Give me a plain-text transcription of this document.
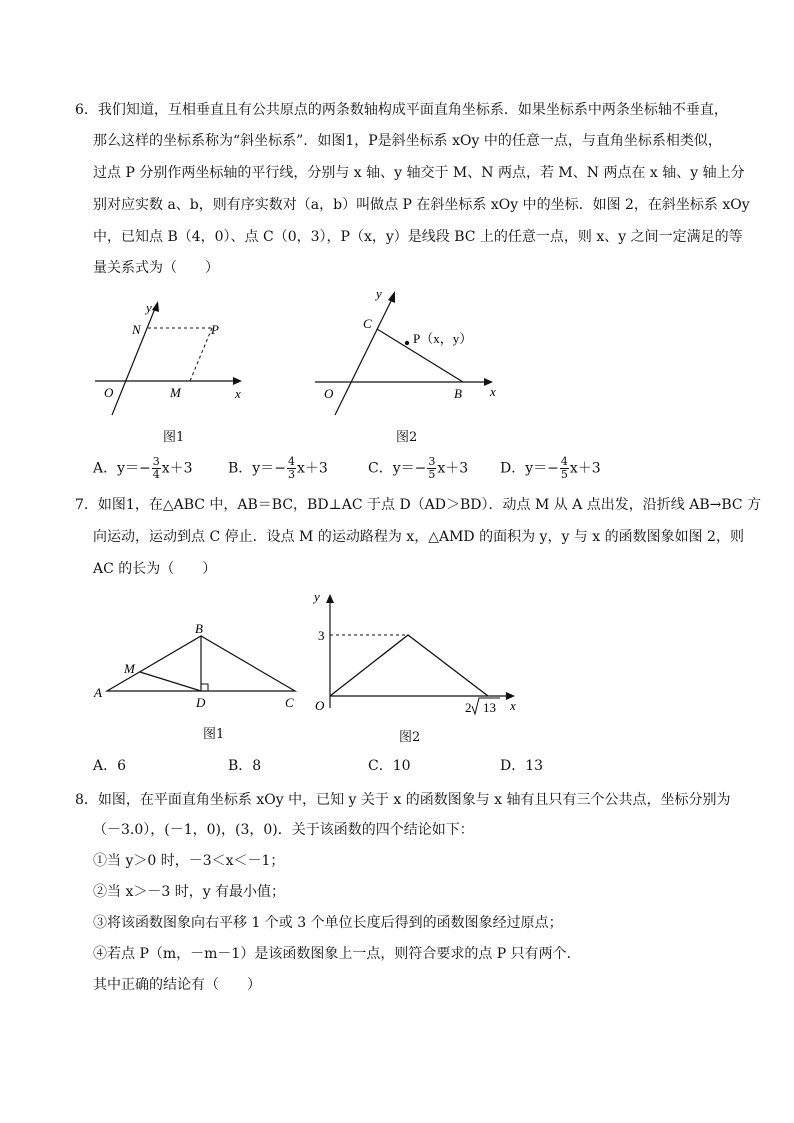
6．我们知道，互相垂直且有公共原点的两条数轴构成平面直角坐标系．如果坐标系中两条坐标轴不垂直，
那么这样的坐标系称为“斜坐标系”．如图1，P是斜坐标系 xOy 中的任意一点，与直角坐标系相类似，
过点 P 分别作两坐标轴的平行线，分别与 x 轴、y 轴交于 M、N 两点，若 M、N 两点在 x 轴、y 轴上分
别对应实数 a、b，则有序实数对（a，b）叫做点 P 在斜坐标系 xOy 中的坐标．如图 2，在斜坐标系 xOy
中，已知点 B（4，0）、点 C（0，3），P（x，y）是线段 BC 上的任意一点，则 x、y 之间一定满足的等
量关系式为（　　）
y
x
O
N	P
M
图1
y
x
O
C
B
P（x，y）
图2
A．$y=- \frac{3}{4} x+3$	B．$y=- \frac{4}{3} x+3$	C．$y=- \frac{3}{5} x+3$ D．$y=- \frac{4}{5} x+3$
7．如图1，在△ABC 中，AB＝BC，BD⊥AC 于点 D（AD＞BD）．动点 M 从 A 点出发，沿折线 AB→BC 方
向运动，运动到点 C 停止．设点 M 的运动路程为 x，△AMD 的面积为 y，y 与 x 的函数图象如图 2，则
AC 的长为（　　）
A
B
C
D
M
图1
y
x
O
3
2 13
图2
A．6	B．8	C．10	D．13
8．如图，在平面直角坐标系 xOy 中，已知 y 关于 x 的函数图象与 x 轴有且只有三个公共点，坐标分别为
（－3.0），(－1，0)，(3，0)．关于该函数的四个结论如下：
①当 y＞0 时，－3＜x＜－1；
②当 x＞－3 时，y 有最小值；
③将该函数图象向右平移 1 个或 3 个单位长度后得到的函数图象经过原点；
④若点 P（m，－m－1）是该函数图象上一点，则符合要求的点 P 只有两个．
其中正确的结论有（　　）
